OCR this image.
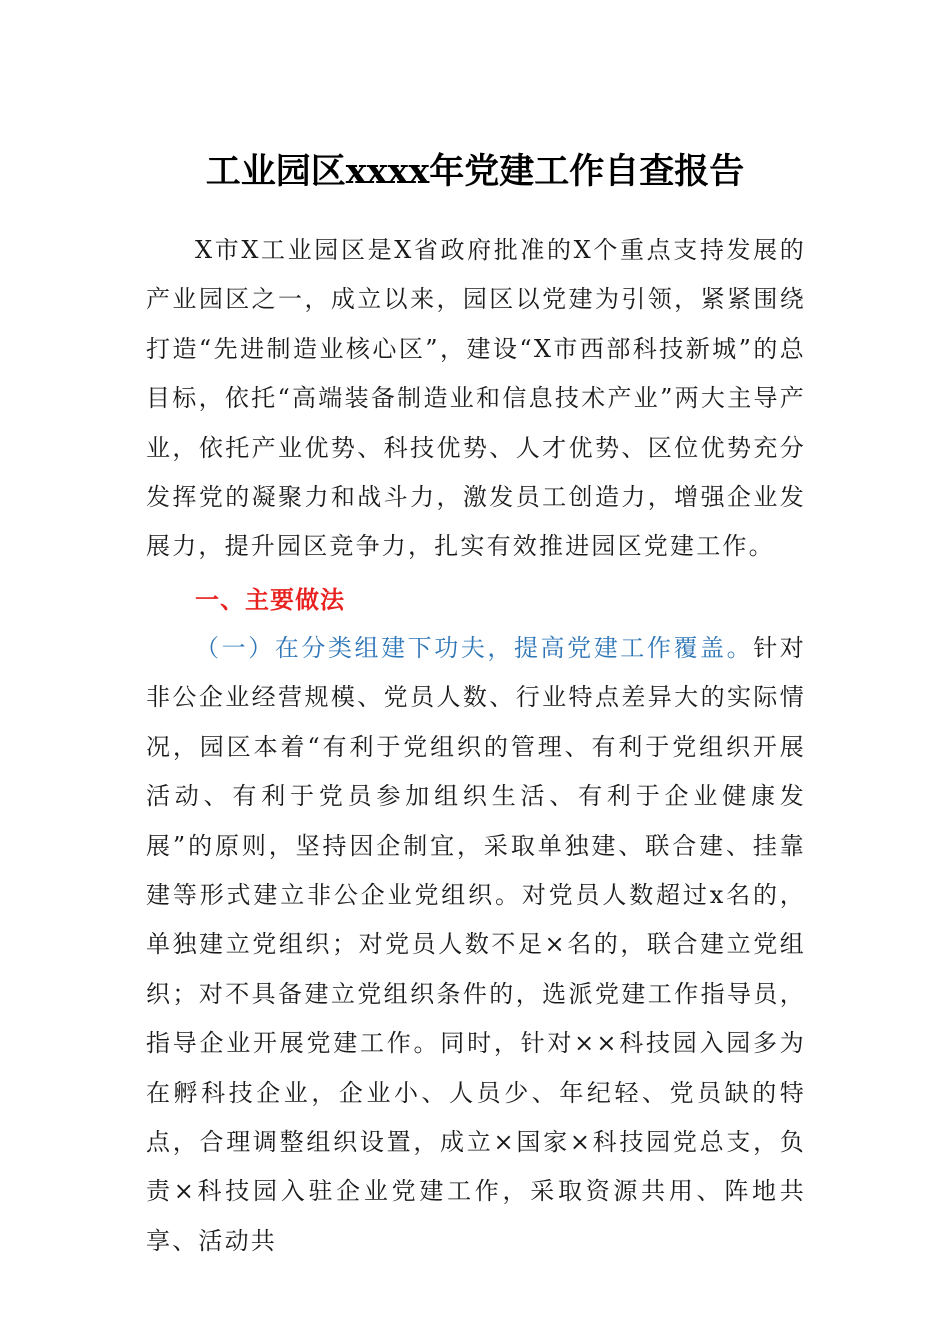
工业园区xxxx年党建工作自查报告

X市X工业园区是X省政府批准的X个重点支持发展的产业园区之一，成立以来，园区以党建为引领，紧紧围绕打造“先进制造业核心区”，建设“X市西部科技新城”的总目标，依托“高端装备制造业和信息技术产业”两大主导产业，依托产业优势、科技优势、人才优势、区位优势充分发挥党的凝聚力和战斗力，激发员工创造力，增强企业发展力，提升园区竞争力，扎实有效推进园区党建工作。

一、主要做法

（一）在分类组建下功夫，提高党建工作覆盖。针对非公企业经营规模、党员人数、行业特点差异大的实际情况，园区本着“有利于党组织的管理、有利于党组织开展活动、有利于党员参加组织生活、有利于企业健康发展”的原则，坚持因企制宜，采取单独建、联合建、挂靠建等形式建立非公企业党组织。对党员人数超过x名的，单独建立党组织；对党员人数不足×名的，联合建立党组织；对不具备建立党组织条件的，选派党建工作指导员，指导企业开展党建工作。同时，针对××科技园入园多为在孵科技企业，企业小、人员少、年纪轻、党员缺的特点，合理调整组织设置，成立×国家×科技园党总支，负责×科技园入驻企业党建工作，采取资源共用、阵地共享、活动共
